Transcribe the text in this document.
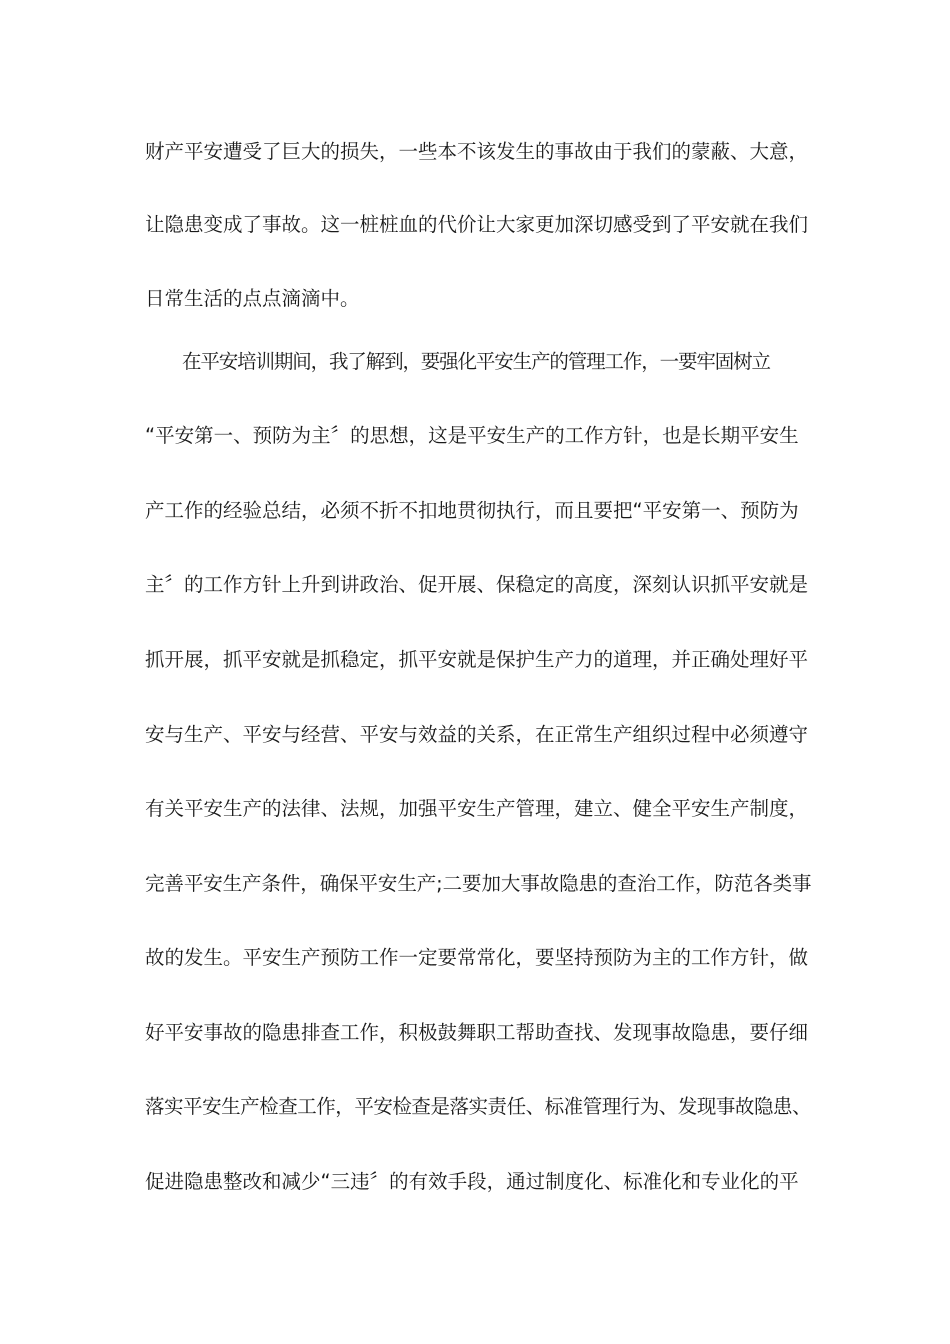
财产平安遭受了巨大的损失，一些本不该发生的事故由于我们的蒙蔽、大意，
让隐患变成了事故。这一桩桩血的代价让大家更加深切感受到了平安就在我们
日常生活的点点滴滴中。
在平安培训期间，我了解到，要强化平安生产的管理工作，一要牢固树立
“平安第一、预防为主〞的思想，这是平安生产的工作方针，也是长期平安生
产工作的经验总结，必须不折不扣地贯彻执行，而且要把“平安第一、预防为
主〞的工作方针上升到讲政治、促开展、保稳定的高度，深刻认识抓平安就是
抓开展，抓平安就是抓稳定，抓平安就是保护生产力的道理，并正确处理好平
安与生产、平安与经营、平安与效益的关系，在正常生产组织过程中必须遵守
有关平安生产的法律、法规，加强平安生产管理，建立、健全平安生产制度，
完善平安生产条件，确保平安生产;二要加大事故隐患的查治工作，防范各类事
故的发生。平安生产预防工作一定要常常化，要坚持预防为主的工作方针，做
好平安事故的隐患排查工作，积极鼓舞职工帮助查找、发现事故隐患，要仔细
落实平安生产检查工作，平安检查是落实责任、标准管理行为、发现事故隐患、
促进隐患整改和减少“三违〞的有效手段，通过制度化、标准化和专业化的平
